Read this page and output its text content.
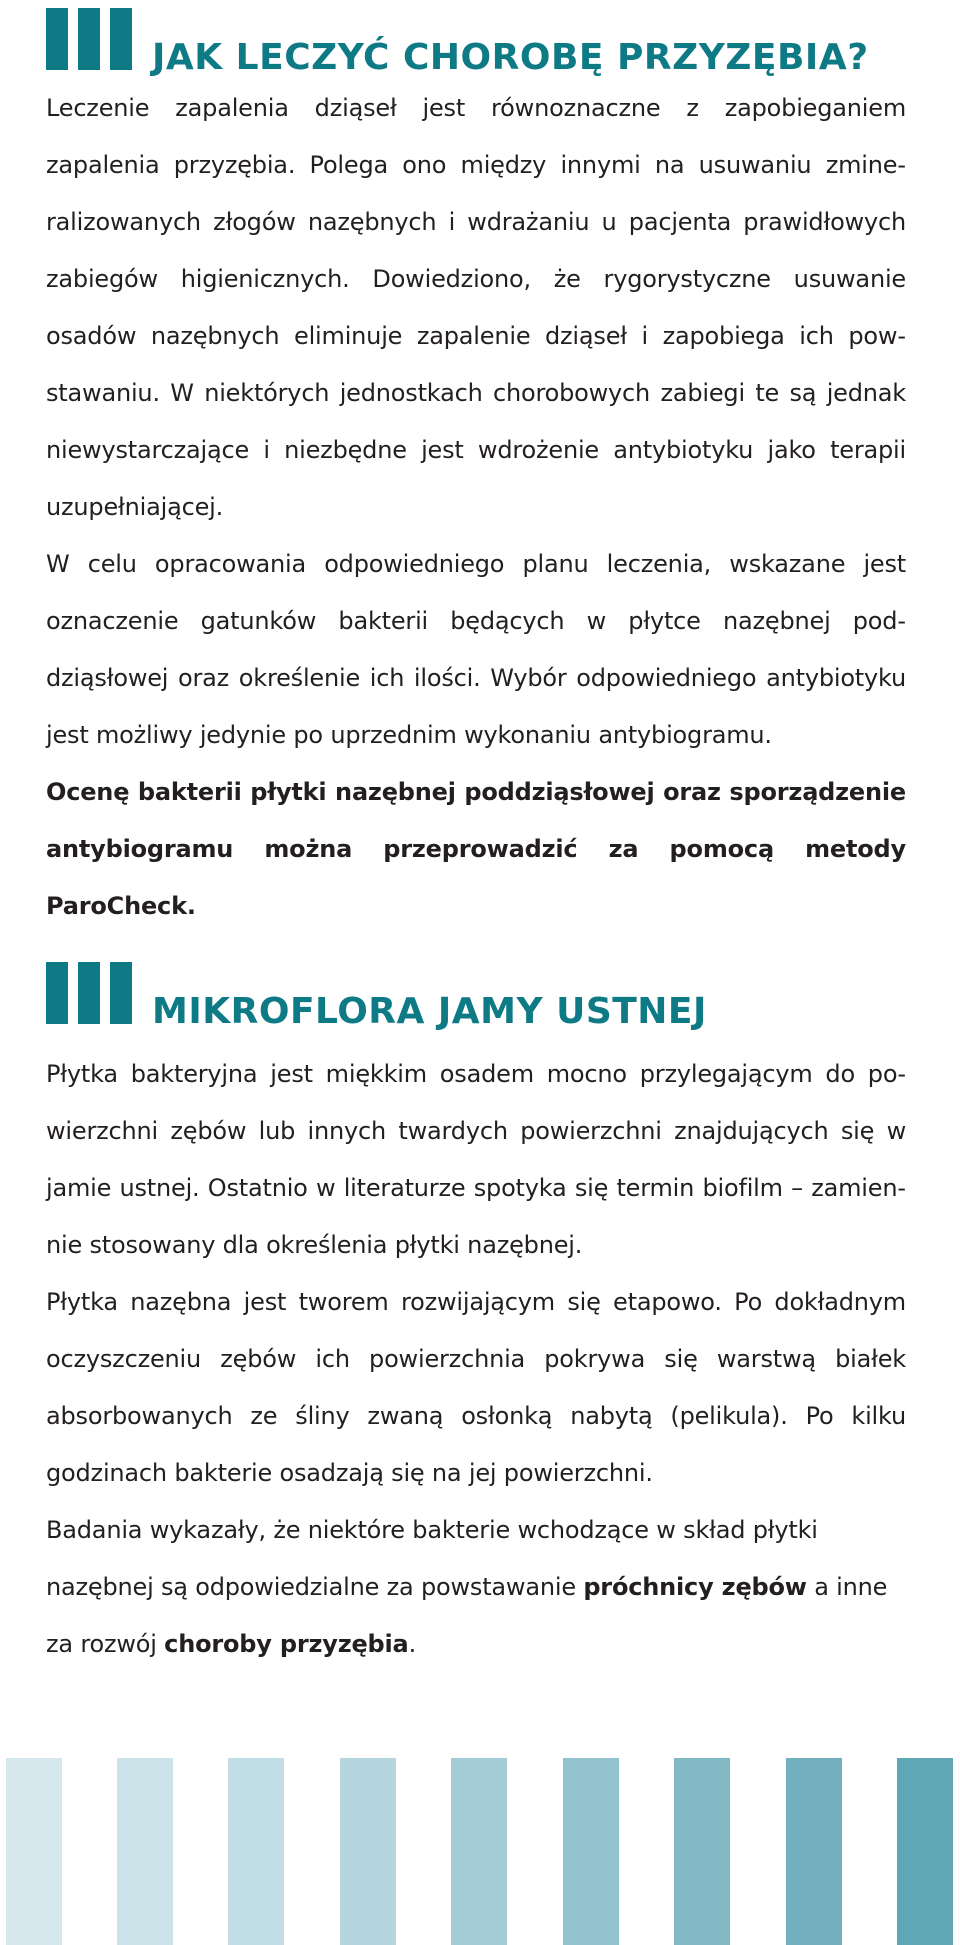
JAK LECZYĆ CHOROBĘ PRZYZĘBIA?

Leczenie zapalenia dziąseł jest równoznaczne z zapobieganiem zapalenia przyzębia. Polega ono między innymi na usuwaniu zmineralizowanych złogów nazębnych i wdrażaniu u pacjenta prawidłowych zabiegów higienicznych. Dowiedziono, że rygorystyczne usuwanie osadów nazębnych eliminuje zapalenie dziąseł i zapobiega ich powstawaniu. W niektórych jednostkach chorobowych zabiegi te są jednak niewystarczające i niezbędne jest wdrożenie antybiotyku jako terapii uzupełniającej.

W celu opracowania odpowiedniego planu leczenia, wskazane jest oznaczenie gatunków bakterii będących w płytce nazębnej poddziąsłowej oraz określenie ich ilości. Wybór odpowiedniego antybiotyku jest możliwy jedynie po uprzednim wykonaniu antybiogramu.

Ocenę bakterii płytki nazębnej poddziąsłowej oraz sporządzenie antybiogramu można przeprowadzić za pomocą metody ParoCheck.

MIKROFLORA JAMY USTNEJ

Płytka bakteryjna jest miękkim osadem mocno przylegającym do powierzchni zębów lub innych twardych powierzchni znajdujących się w jamie ustnej. Ostatnio w literaturze spotyka się termin biofilm – zamiennie stosowany dla określenia płytki nazębnej.

Płytka nazębna jest tworem rozwijającym się etapowo. Po dokładnym oczyszczeniu zębów ich powierzchnia pokrywa się warstwą białek absorbowanych ze śliny zwaną osłonką nabytą (pelikula). Po kilku godzinach bakterie osadzają się na jej powierzchni.

Badania wykazały, że niektóre bakterie wchodzące w skład płytki nazębnej są odpowiedzialne za powstawanie próchnicy zębów a inne za rozwój choroby przyzębia.
